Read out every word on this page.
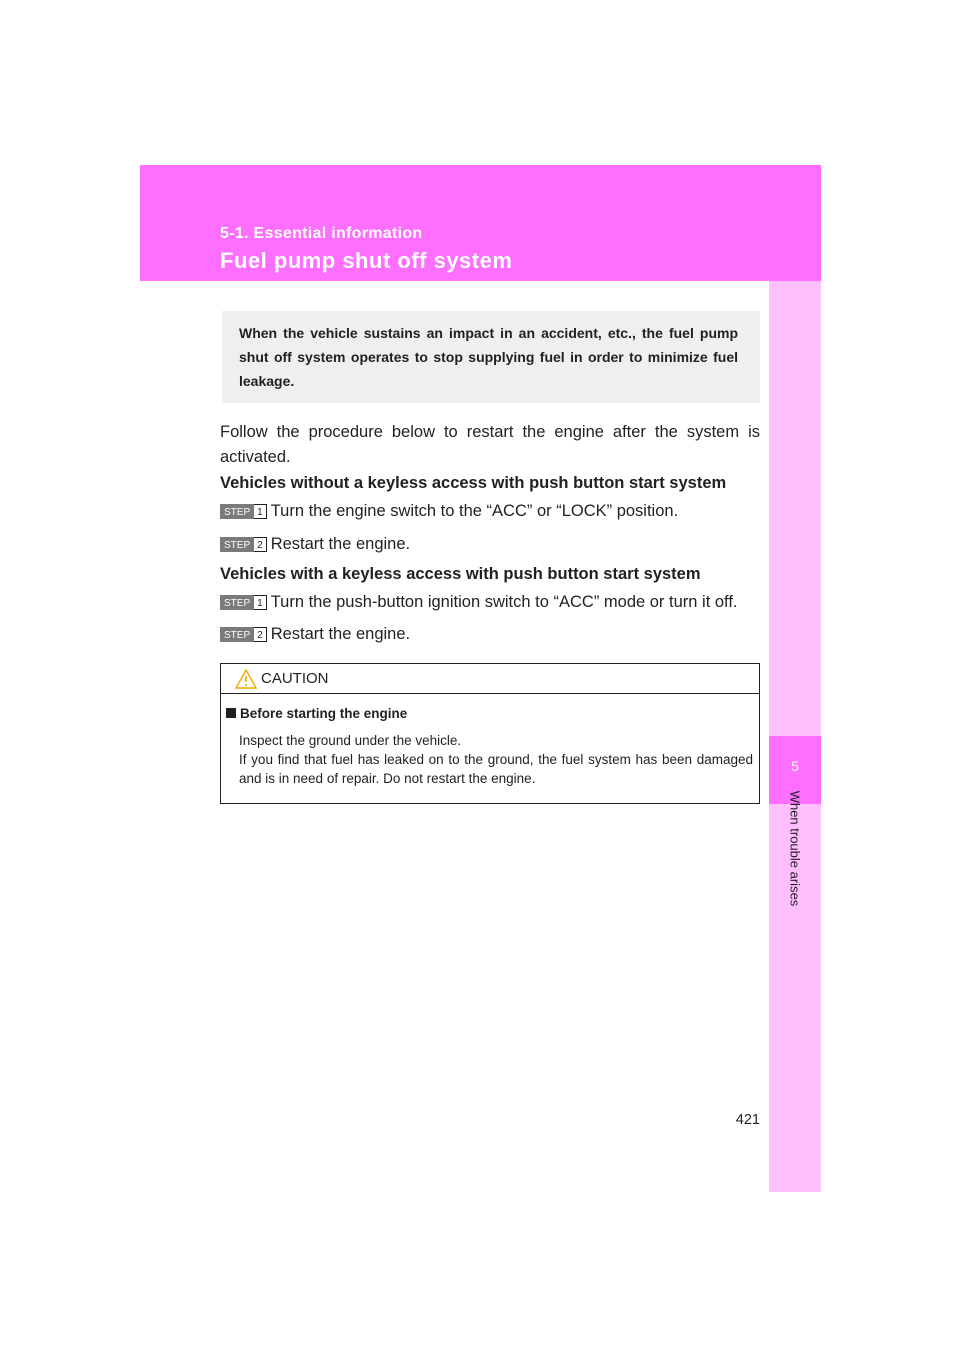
5-1. Essential information
Fuel pump shut off system
5
When trouble arises
When the vehicle sustains an impact in an accident, etc., the fuel pump shut off system operates to stop supplying fuel in order to minimize fuel leakage.
Follow the procedure below to restart the engine after the system is activated.
Vehicles without a keyless access with push button start system
STEP 1 Turn the engine switch to the “ACC” or “LOCK” position.
STEP 2 Restart the engine.
Vehicles with a keyless access with push button start system
STEP 1 Turn the push-button ignition switch to “ACC” mode or turn it off.
STEP 2 Restart the engine.
CAUTION
Before starting the engine
Inspect the ground under the vehicle.
If you find that fuel has leaked on to the ground, the fuel system has been damaged and is in need of repair. Do not restart the engine.
421
